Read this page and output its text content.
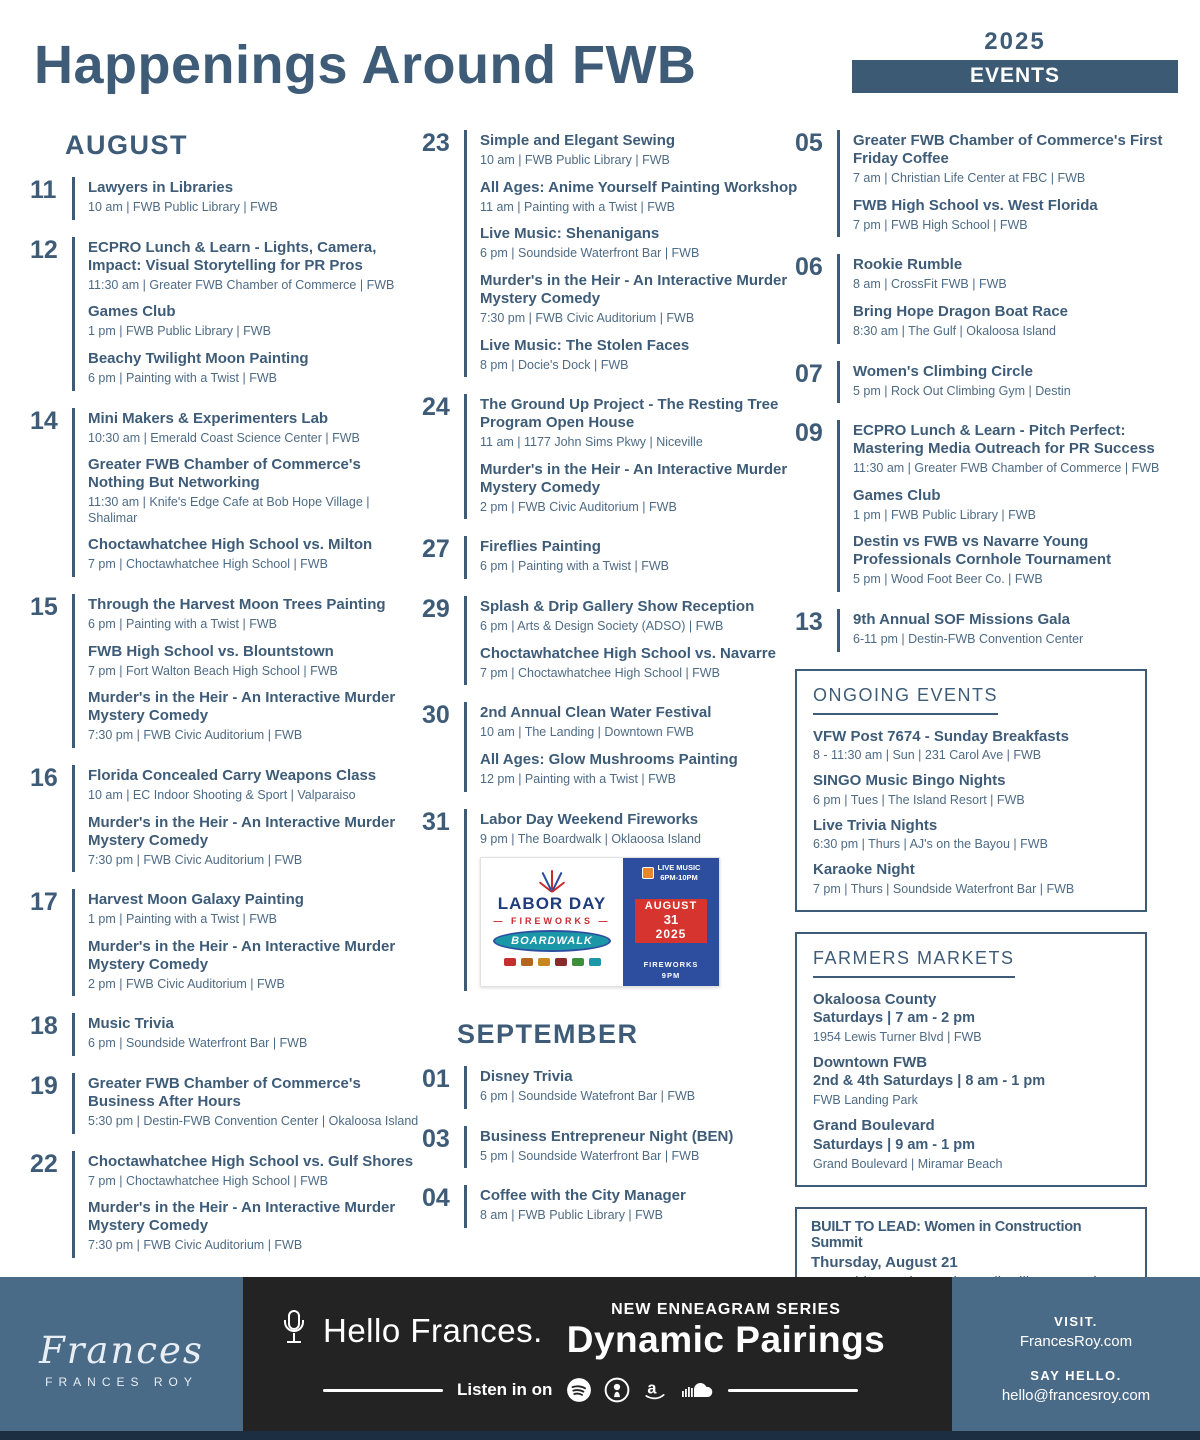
Happenings Around FWB	2025
EVENTS
AUGUST
11	Lawyers in Libraries
10 am | FWB Public Library | FWB
12	ECPRO Lunch & Learn - Lights, Camera, Impact: Visual Storytelling for PR Pros
11:30 am | Greater FWB Chamber of Commerce | FWB
Games Club
1 pm | FWB Public Library | FWB
Beachy Twilight Moon Painting
6 pm | Painting with a Twist | FWB
14	Mini Makers & Experimenters Lab
10:30 am | Emerald Coast Science Center | FWB
Greater FWB Chamber of Commerce's Nothing But Networking
11:30 am | Knife's Edge Cafe at Bob Hope Village | Shalimar
Choctawhatchee High School vs. Milton
7 pm | Choctawhatchee High School | FWB
15	Through the Harvest Moon Trees Painting
6 pm | Painting with a Twist | FWB
FWB High School vs. Blountstown
7 pm | Fort Walton Beach High School | FWB
Murder's in the Heir - An Interactive Murder Mystery Comedy
7:30 pm | FWB Civic Auditorium | FWB
16	Florida Concealed Carry Weapons Class
10 am | EC Indoor Shooting & Sport | Valparaiso
Murder's in the Heir - An Interactive Murder Mystery Comedy
7:30 pm | FWB Civic Auditorium | FWB
17	Harvest Moon Galaxy Painting
1 pm | Painting with a Twist | FWB
Murder's in the Heir - An Interactive Murder Mystery Comedy
2 pm | FWB Civic Auditorium | FWB
18	Music Trivia
6 pm | Soundside Waterfront Bar | FWB
19	Greater FWB Chamber of Commerce's Business After Hours
5:30 pm | Destin-FWB Convention Center | Okaloosa Island
22	Choctawhatchee High School vs. Gulf Shores
7 pm | Choctawhatchee High School | FWB
Murder's in the Heir - An Interactive Murder Mystery Comedy
7:30 pm | FWB Civic Auditorium | FWB
23	Simple and Elegant Sewing
10 am | FWB Public Library | FWB
All Ages: Anime Yourself Painting Workshop
11 am | Painting with a Twist | FWB
Live Music: Shenanigans
6 pm | Soundside Waterfront Bar | FWB
Murder's in the Heir - An Interactive Murder Mystery Comedy
7:30 pm | FWB Civic Auditorium | FWB
Live Music: The Stolen Faces
8 pm | Docie's Dock | FWB
24	The Ground Up Project - The Resting Tree Program Open House
11 am | 1177 John Sims Pkwy | Niceville
Murder's in the Heir - An Interactive Murder Mystery Comedy
2 pm | FWB Civic Auditorium | FWB
27	Fireflies Painting
6 pm | Painting with a Twist | FWB
29	Splash & Drip Gallery Show Reception
6 pm | Arts & Design Society (ADSO) | FWB
Choctawhatchee High School vs. Navarre
7 pm | Choctawhatchee High School | FWB
30	2nd Annual Clean Water Festival
10 am | The Landing | Downtown FWB
All Ages: Glow Mushrooms Painting
12 pm | Painting with a Twist | FWB
31	Labor Day Weekend Fireworks
9 pm | The Boardwalk | Oklaoosa Island
LABOR DAY
— FIREWORKS —
BOARDWALK
LIVE MUSIC
6PM-10PM
AUGUST
31
2025
FIREWORKS
9PM
SEPTEMBER
01	Disney Trivia
6 pm | Soundside Watefront Bar | FWB
03	Business Entrepreneur Night (BEN)
5 pm | Soundside Waterfront Bar | FWB
04	Coffee with the City Manager
8 am | FWB Public Library | FWB
05	Greater FWB Chamber of Commerce's First Friday Coffee
7 am | Christian Life Center at FBC | FWB
FWB High School vs. West Florida
7 pm | FWB High School | FWB
06	Rookie Rumble
8 am | CrossFit FWB | FWB
Bring Hope Dragon Boat Race
8:30 am | The Gulf | Okaloosa Island
07	Women's Climbing Circle
5 pm | Rock Out Climbing Gym | Destin
09	ECPRO Lunch & Learn - Pitch Perfect: Mastering Media Outreach for PR Success
11:30 am | Greater FWB Chamber of Commerce | FWB
Games Club
1 pm | FWB Public Library | FWB
Destin vs FWB vs Navarre Young Professionals Cornhole Tournament
5 pm | Wood Foot Beer Co. | FWB
13	9th Annual SOF Missions Gala
6-11 pm | Destin-FWB Convention Center
ONGOING EVENTS
VFW Post 7674 - Sunday Breakfasts
8 - 11:30 am | Sun | 231 Carol Ave | FWB
SINGO Music Bingo Nights
6 pm | Tues | The Island Resort | FWB
Live Trivia Nights
6:30 pm | Thurs | AJ's on the Bayou | FWB
Karaoke Night
7 pm | Thurs | Soundside Waterfront Bar | FWB
FARMERS MARKETS
Okaloosa County
Saturdays | 7 am - 2 pm
1954 Lewis Turner Blvd | FWB
Downtown FWB
2nd & 4th Saturdays | 8 am - 1 pm
FWB Landing Park
Grand Boulevard
Saturdays | 9 am - 1 pm
Grand Boulevard | Miramar Beach
BUILT TO LEAD: Women in Construction Summit
Thursday, August 21
Frances
FRANCES ROY
Hello Frances.
NEW ENNEAGRAM SERIES
Dynamic Pairings
Listen in on	a
VISIT.
FrancesRoy.com
SAY HELLO.
hello@francesroy.com
